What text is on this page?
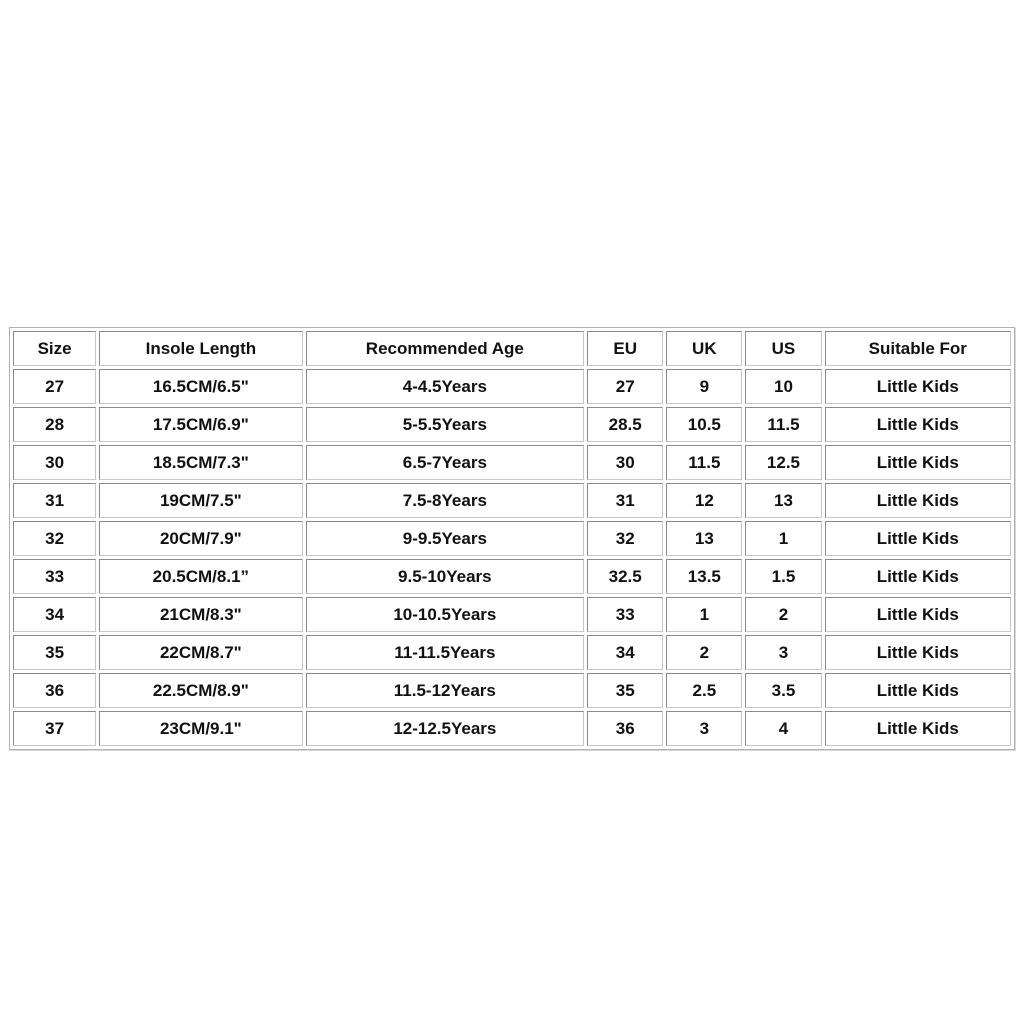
Size	Insole Length	Recommended Age	EU	UK	US	Suitable For
27	16.5CM/6.5"	4-4.5Years	27	9	10	Little Kids
28	17.5CM/6.9"	5-5.5Years	28.5	10.5	11.5	Little Kids
30	18.5CM/7.3"	6.5-7Years	30	11.5	12.5	Little Kids
31	19CM/7.5"	7.5-8Years	31	12	13	Little Kids
32	20CM/7.9"	9-9.5Years	32	13	1	Little Kids
33	20.5CM/8.1”	9.5-10Years	32.5	13.5	1.5	Little Kids
34	21CM/8.3"	10-10.5Years	33	1	2	Little Kids
35	22CM/8.7"	11-11.5Years	34	2	3	Little Kids
36	22.5CM/8.9"	11.5-12Years	35	2.5	3.5	Little Kids
37	23CM/9.1"	12-12.5Years	36	3	4	Little Kids
